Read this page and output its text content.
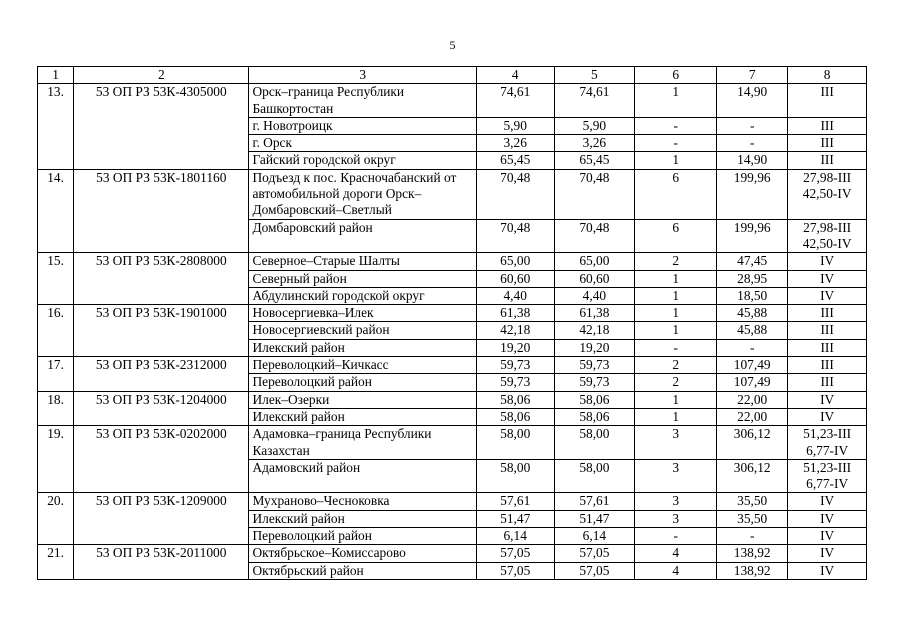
5
1	2	3	4	5	6	7	8
13.	53 ОП РЗ 53К-4305000	Орск–граница Республики Башкортостан	74,61	74,61	1	14,90	III
		г. Новотроицк	5,90	5,90	-	-	III
		г. Орск	3,26	3,26	-	-	III
		Гайский городской округ	65,45	65,45	1	14,90	III
14.	53 ОП РЗ 53К-1801160	Подъезд к пос. Красночабанский от автомобильной дороги Орск–Домбаровский–Светлый	70,48	70,48	6	199,96	27,98-III
42,50-IV
		Домбаровский район	70,48	70,48	6	199,96	27,98-III
42,50-IV
15.	53 ОП РЗ 53К-2808000	Северное–Старые Шалты	65,00	65,00	2	47,45	IV
		Северный район	60,60	60,60	1	28,95	IV
		Абдулинский городской округ	4,40	4,40	1	18,50	IV
16.	53 ОП РЗ 53К-1901000	Новосергиевка–Илек	61,38	61,38	1	45,88	III
		Новосергиевский район	42,18	42,18	1	45,88	III
		Илекский район	19,20	19,20	-	-	III
17.	53 ОП РЗ 53К-2312000	Переволоцкий–Кичкасс	59,73	59,73	2	107,49	III
		Переволоцкий район	59,73	59,73	2	107,49	III
18.	53 ОП РЗ 53К-1204000	Илек–Озерки	58,06	58,06	1	22,00	IV
		Илекский район	58,06	58,06	1	22,00	IV
19.	53 ОП РЗ 53К-0202000	Адамовка–граница Республики Казахстан	58,00	58,00	3	306,12	51,23-III
6,77-IV
		Адамовский район	58,00	58,00	3	306,12	51,23-III
6,77-IV
20.	53 ОП РЗ 53К-1209000	Мухраново–Чесноковка	57,61	57,61	3	35,50	IV
		Илекский район	51,47	51,47	3	35,50	IV
		Переволоцкий район	6,14	6,14	-	-	IV
21.	53 ОП РЗ 53К-2011000	Октябрьское–Комиссарово	57,05	57,05	4	138,92	IV
		Октябрьский район	57,05	57,05	4	138,92	IV
